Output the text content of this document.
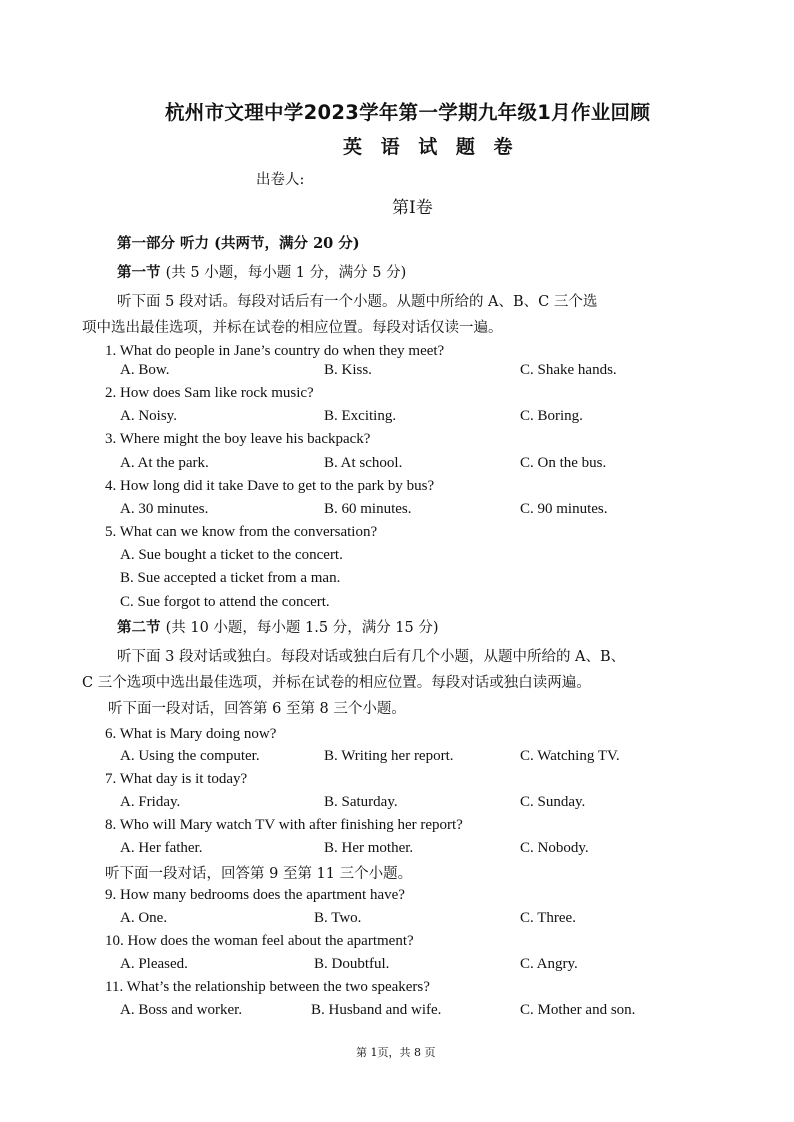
杭州市文理中学2023学年第一学期九年级1月作业回顾
英 语 试 题 卷
出卷人:
第I卷
第一部分 听力 (共两节，满分 20 分)
第一节 (共 5 小题，每小题 1 分，满分 5 分)
听下面 5 段对话。每段对话后有一个小题。从题中所给的 A、B、C 三个选
项中选出最佳选项，并标在试卷的相应位置。每段对话仅读一遍。
1. What do people in Jane’s country do when they meet?
A. Bow.	B. Kiss.	C. Shake hands.
2. How does Sam like rock music?
A. Noisy.	B. Exciting.	C. Boring.
3. Where might the boy leave his backpack?
A. At the park.	B. At school.	C. On the bus.
4. How long did it take Dave to get to the park by bus?
A. 30 minutes.	B. 60 minutes.	C. 90 minutes.
5. What can we know from the conversation?
A. Sue bought a ticket to the concert.
B. Sue accepted a ticket from a man.
C. Sue forgot to attend the concert.
第二节 (共 10 小题，每小题 1.5 分，满分 15 分)
听下面 3 段对话或独白。每段对话或独白后有几个小题，从题中所给的 A、B、
C 三个选项中选出最佳选项，并标在试卷的相应位置。每段对话或独白读两遍。
听下面一段对话，回答第 6 至第 8 三个小题。
6. What is Mary doing now?
A. Using the computer.	B. Writing her report.	C. Watching TV.
7. What day is it today?
A. Friday.	B. Saturday.	C. Sunday.
8. Who will Mary watch TV with after finishing her report?
A. Her father.	B. Her mother.	C. Nobody.
听下面一段对话，回答第 9 至第 11 三个小题。
9. How many bedrooms does the apartment have?
A. One.	B. Two.	C. Three.
10. How does the woman feel about the apartment?
A. Pleased.	B. Doubtful.	C. Angry.
11. What’s the relationship between the two speakers?
A. Boss and worker.	B. Husband and wife.	C. Mother and son.
第 1页，共 8 页
